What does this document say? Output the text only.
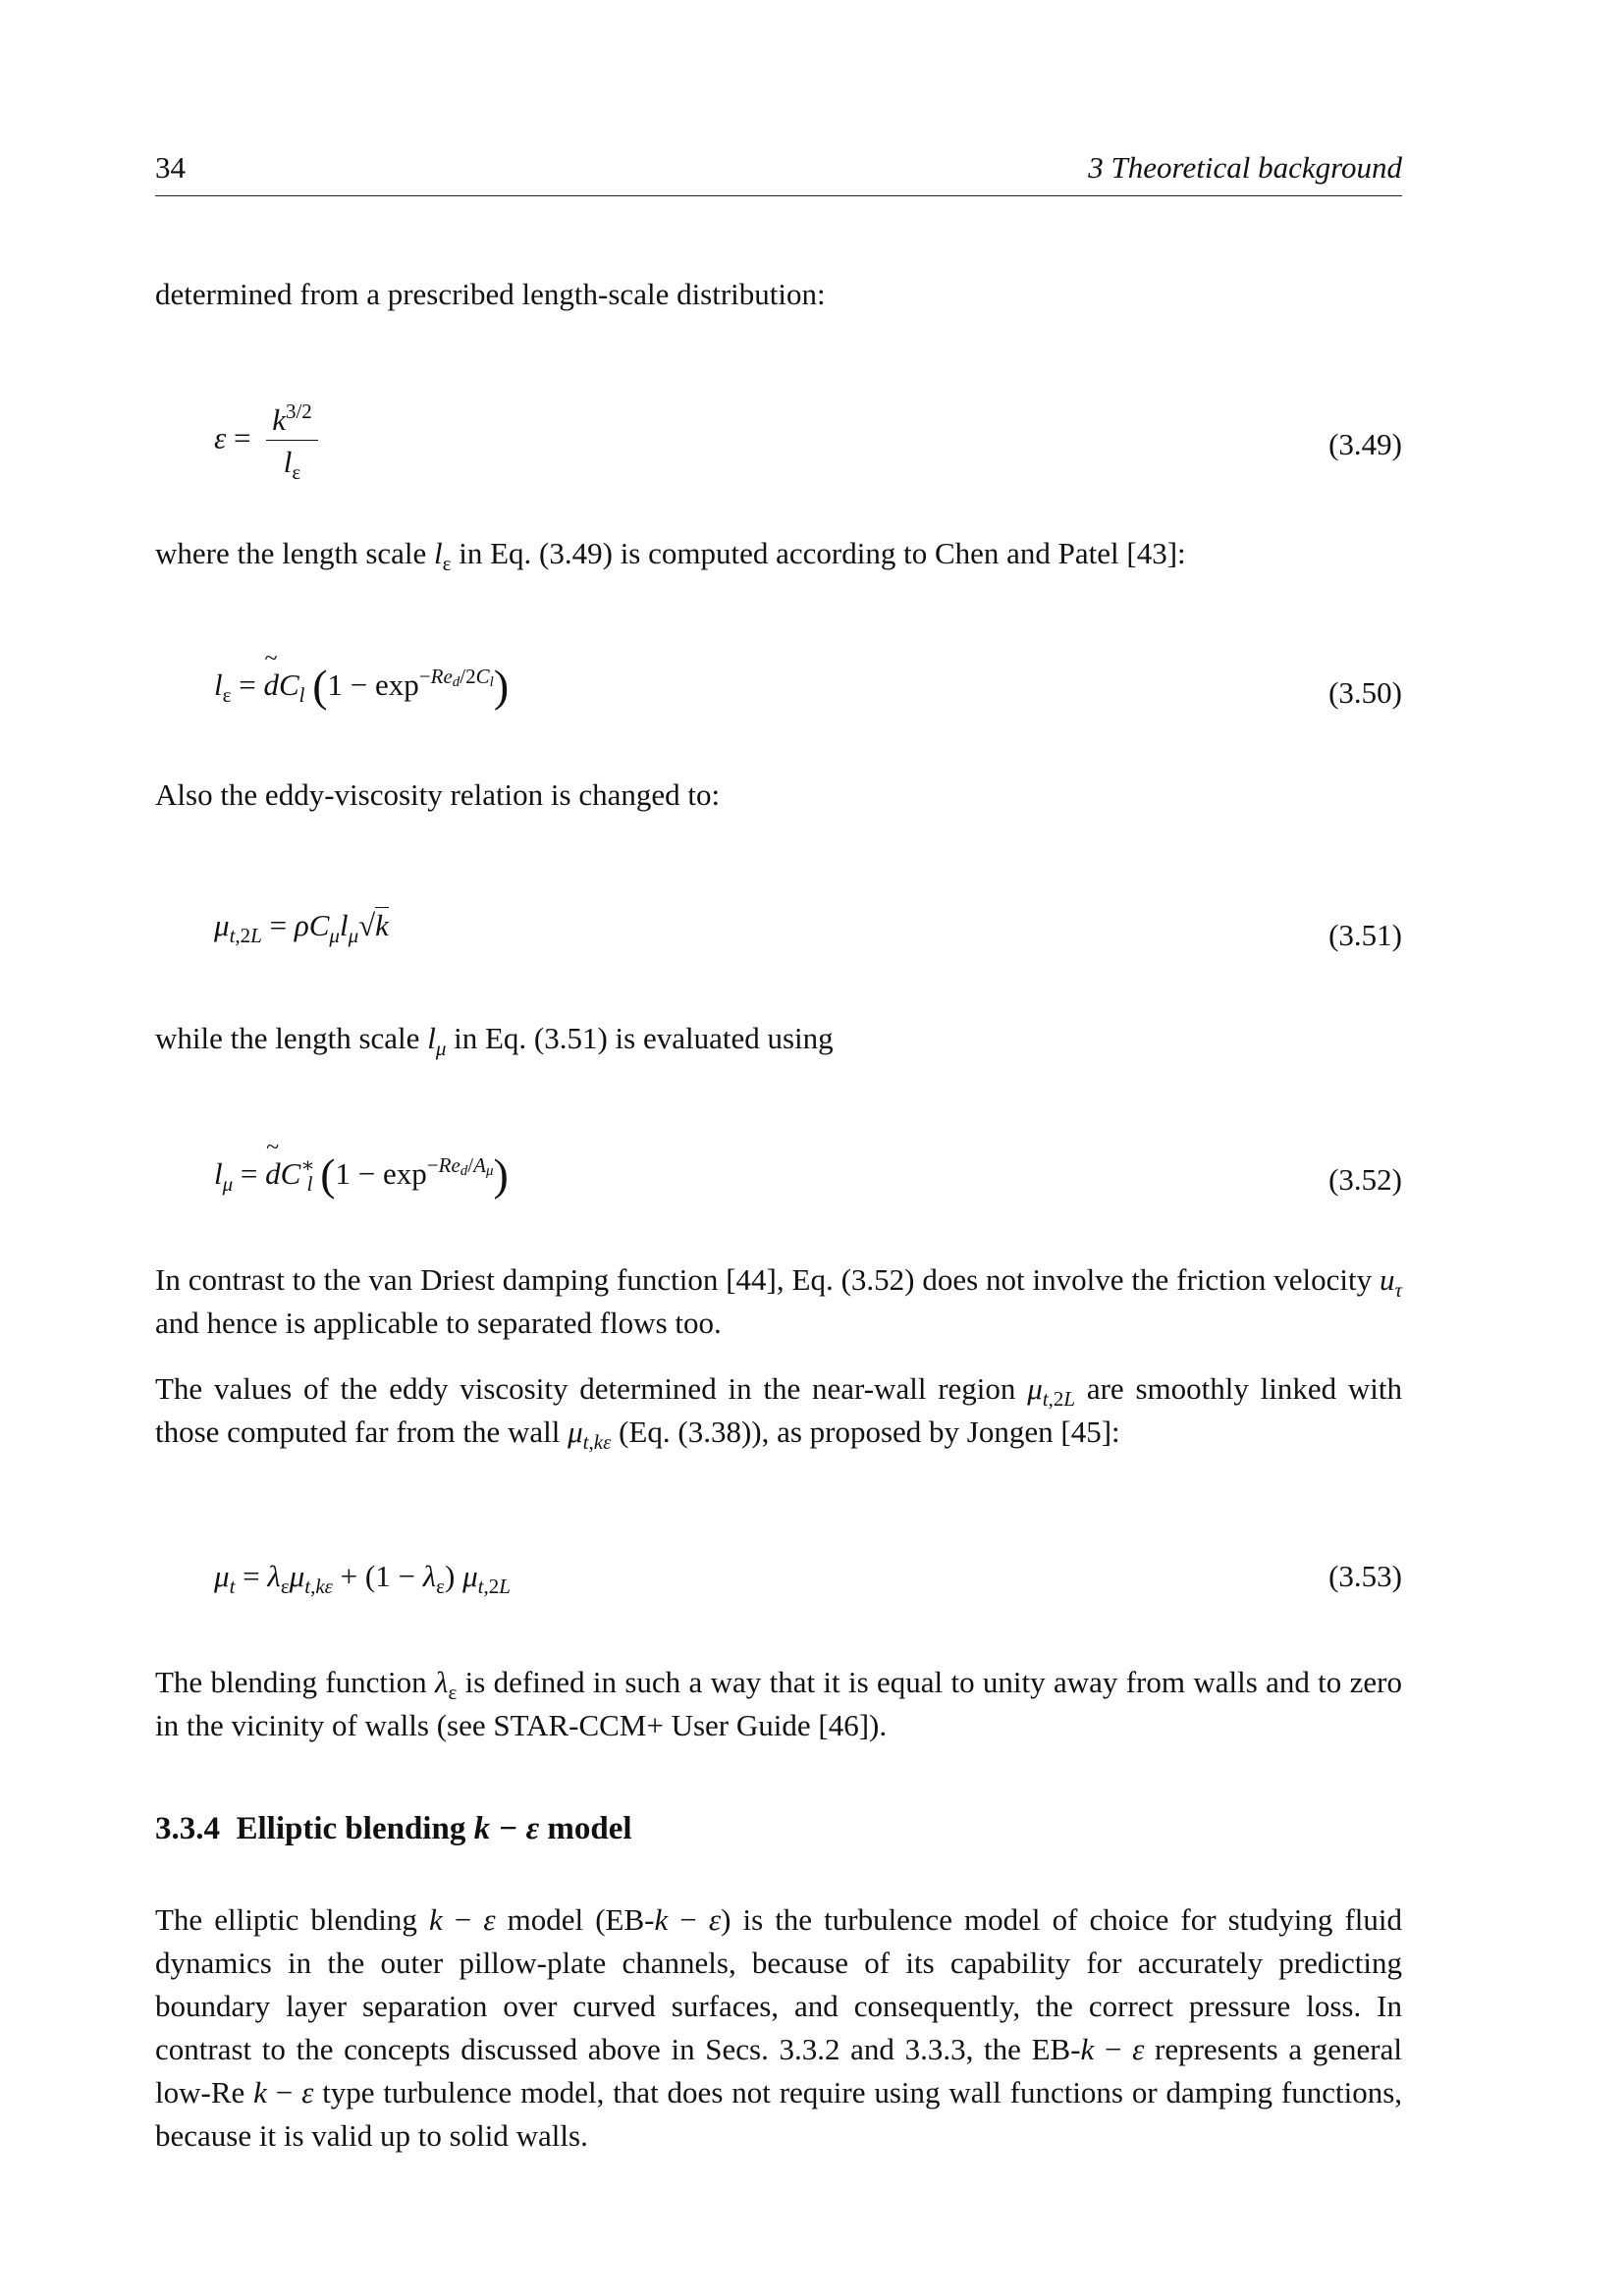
34	3 Theoretical background

determined from a prescribed length-scale distribution:

$\varepsilon = \frac{k^{3/2}}{l_\varepsilon}$	(3.49)

where the length scale $l_\varepsilon$ in Eq. (3.49) is computed according to Chen and Patel [43]:

$l_\varepsilon$ = ~ $dC_l$ $(1 - \exp^{-Re_d/2C_l})$	(3.50)

Also the eddy-viscosity relation is changed to:

$\mu_{t,2L} = \rho C_\mu l_\mu√k$	(3.51)

while the length scale $l_\mu$ in Eq. (3.51) is evaluated using

$l_\mu$ = ~ $dC^∗_l$ $(1 - \exp^{-Re_d/A_\mu})$	(3.52)

In contrast to the van Driest damping function [44], Eq. (3.52) does not involve the friction velocity $u_\tau$ and hence is applicable to separated flows too.

The values of the eddy viscosity determined in the near-wall region $\mu_{t,2L}$ are smoothly linked with those computed far from the wall $\mu_{t,k\varepsilon}$ (Eq. (3.38)), as proposed by Jongen [45]:

$\mu_t = \lambda_\varepsilon\mu_{t,k\varepsilon} + (1 - \lambda_\varepsilon)$ $\mu_{t,2L}$	(3.53)

The blending function $\lambda_\varepsilon$ is defined in such a way that it is equal to unity away from walls and to zero in the vicinity of walls (see STAR-CCM+ User Guide [46]).

3.3.4 Elliptic blending k − ε model

The elliptic blending k − ε model (EB-k − ε) is the turbulence model of choice for studying fluid dynamics in the outer pillow-plate channels, because of its capability for accurately predicting boundary layer separation over curved surfaces, and consequently, the correct pressure loss. In contrast to the concepts discussed above in Secs. 3.3.2 and 3.3.3, the EB-k − ε represents a general low-Re k − ε type turbulence model, that does not require using wall functions or damping functions, because it is valid up to solid walls.
